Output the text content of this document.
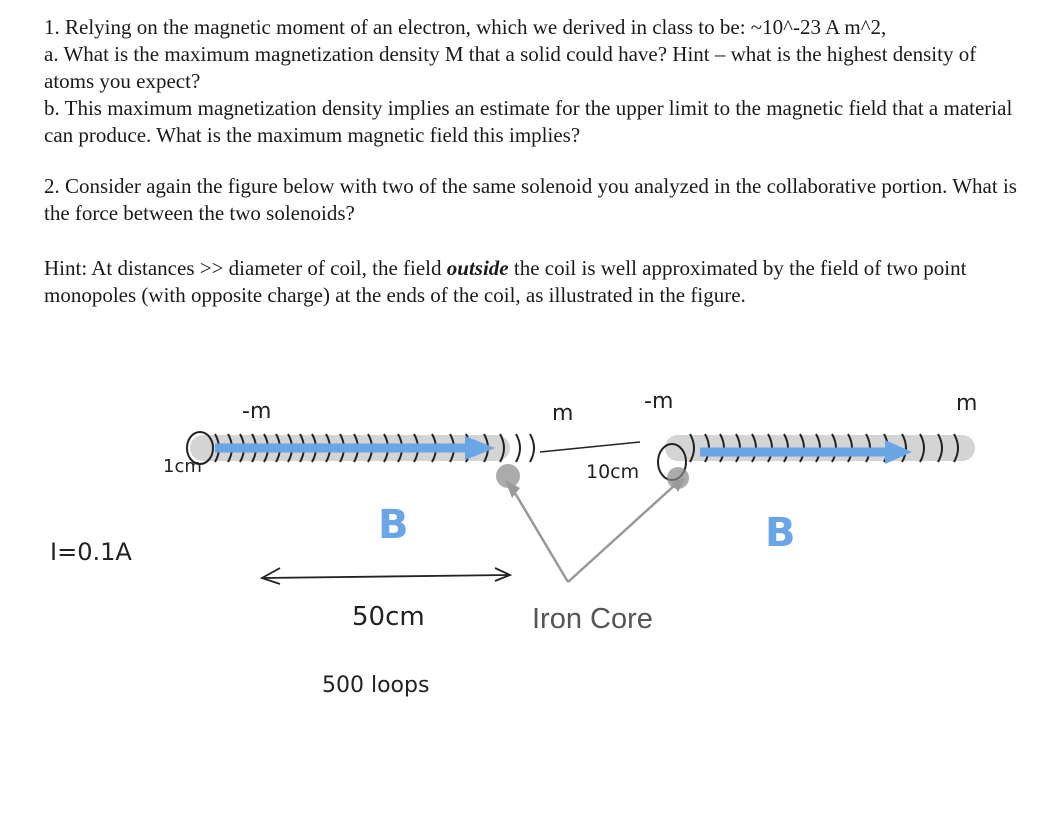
1. Relying on the magnetic moment of an electron, which we derived in class to be: ~10^-23 A m^2,

a. What is the maximum magnetization density M that a solid could have? Hint – what is the highest density of atoms you expect?

b. This maximum magnetization density implies an estimate for the upper limit to the magnetic field that a material can produce. What is the maximum magnetic field this implies?

2. Consider again the figure below with two of the same solenoid you analyzed in the collaborative portion. What is the force between the two solenoids?

Hint: At distances >> diameter of coil, the field outside the coil is well approximated by the field of two point monopoles (with opposite charge) at the ends of the coil, as illustrated in the figure.

-m	m	-m	m
1cm
I=0.1A
50cm
500 loops
10cm
B	B
Iron Core
